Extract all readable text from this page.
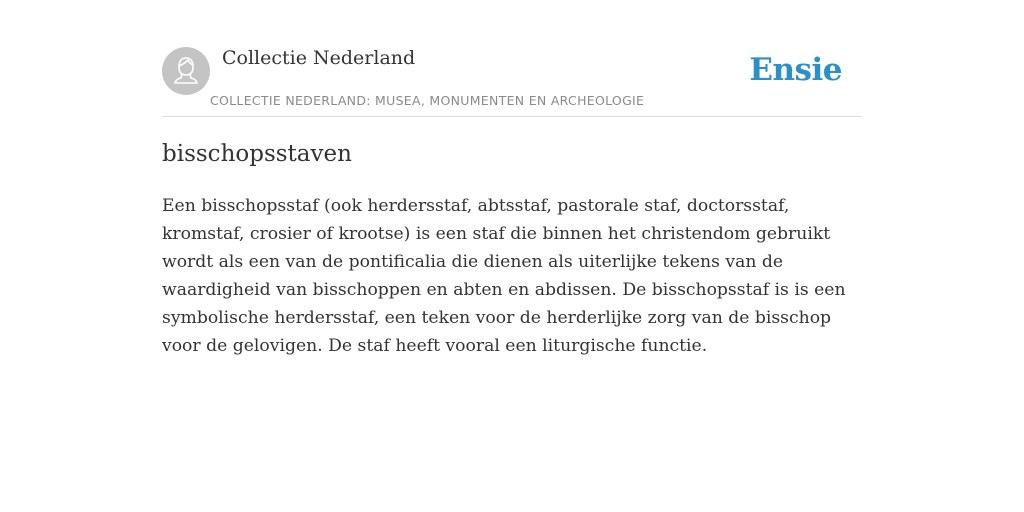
Collectie Nederland
COLLECTIE NEDERLAND: MUSEA, MONUMENTEN EN ARCHEOLOGIE
Ensie
bisschopsstaven

Een bisschopsstaf (ook herdersstaf, abtsstaf, pastorale staf, doctorsstaf, kromstaf, crosier of krootse) is een staf die binnen het christendom gebruikt wordt als een van de pontificalia die dienen als uiterlijke tekens van de waardigheid van bisschoppen en abten en abdissen. De bisschopsstaf is is een symbolische herdersstaf, een teken voor de herderlijke zorg van de bisschop voor de gelovigen. De staf heeft vooral een liturgische functie.
